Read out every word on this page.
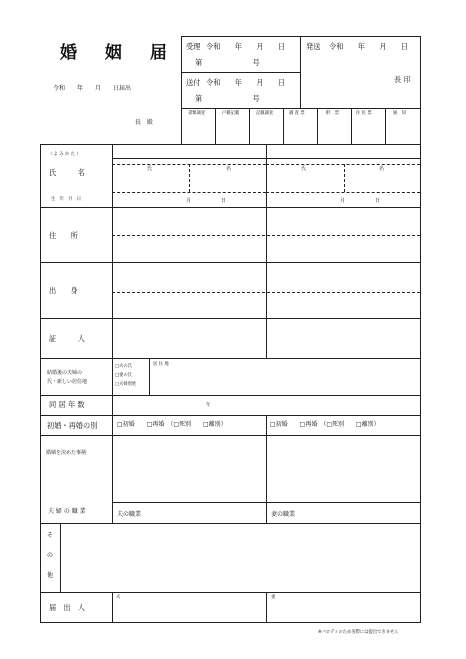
婚 姻 届
令和　　年　　月　　日届出
長 殿
受理 令和　　年　　月　　日
第　　　　　　　号
送付 令和　　年　　月　　日
第　　　　　　　号
発送 令和　　年　　月　　日
長 印
書類調査	戸籍記載	記載調査	調 査 票	附　票	住 民 票	通　知
（ よ み か た ）
氏　　　名	氏	名	氏	名
生　年　月　日	月　　　　　　日	月　　　　　　日
住　　所
出　　身
証　　　人
結婚後の夫婦の
氏・新しい居住地
□夫の氏
□妻の氏
□夫婦別姓
居 住 地
同 居 年 数	年
初婚・再婚の別	□初婚　　□再婚　（□死別　　□離別）	□初婚　　□再婚　（□死別　　□離別）
婚姻を決めた事柄
夫 婦 の 職 業	夫の職業	妻の職業
そ
の
他
届　出　人
夫	妻
※パロディのため実際には提出できません
